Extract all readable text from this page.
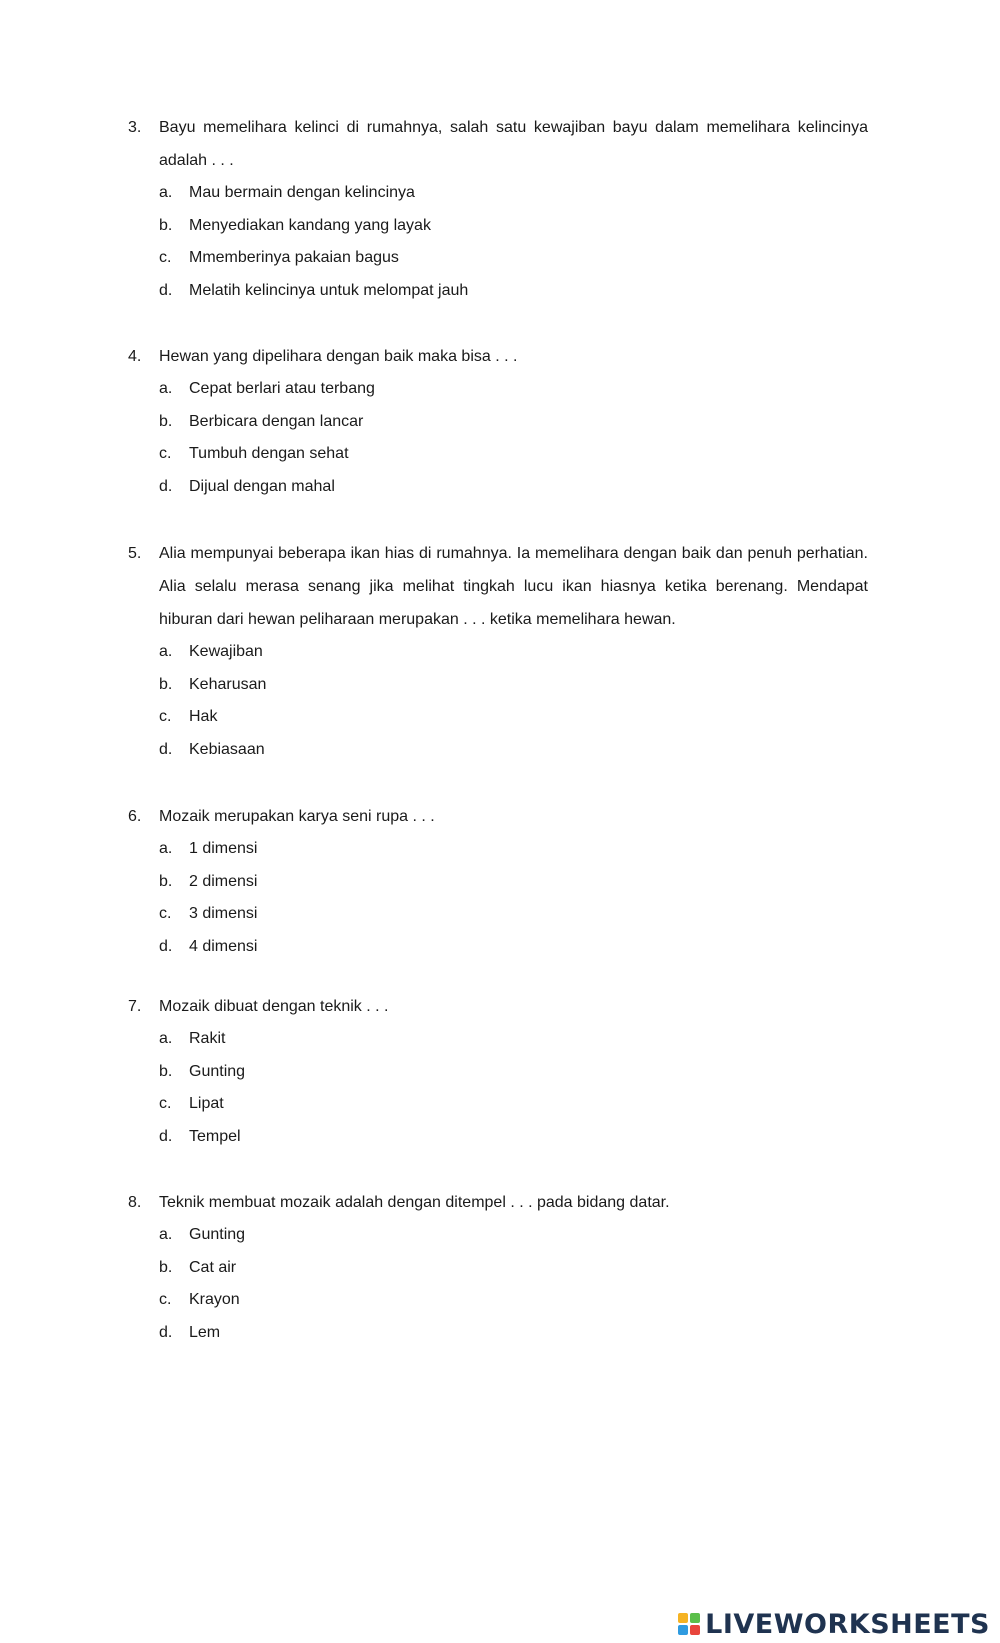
3. Bayu memelihara kelinci di rumahnya, salah satu kewajiban bayu dalam memelihara kelincinya adalah . . .
a. Mau bermain dengan kelincinya
b. Menyediakan kandang yang layak
c. Mmemberinya pakaian bagus
d. Melatih kelincinya untuk melompat jauh
4. Hewan yang dipelihara dengan baik maka bisa . . .
a. Cepat berlari atau terbang
b. Berbicara dengan lancar
c. Tumbuh dengan sehat
d. Dijual dengan mahal
5. Alia mempunyai beberapa ikan hias di rumahnya. Ia memelihara dengan baik dan penuh perhatian. Alia selalu merasa senang jika melihat tingkah lucu ikan hiasnya ketika berenang. Mendapat hiburan dari hewan peliharaan merupakan . . . ketika memelihara hewan.
a. Kewajiban
b. Keharusan
c. Hak
d. Kebiasaan
6. Mozaik merupakan karya seni rupa . . .
a. 1 dimensi
b. 2 dimensi
c. 3 dimensi
d. 4 dimensi
7. Mozaik dibuat dengan teknik . . .
a. Rakit
b. Gunting
c. Lipat
d. Tempel
8. Teknik membuat mozaik adalah dengan ditempel . . . pada bidang datar.
a. Gunting
b. Cat air
c. Krayon
d. Lem
LIVEWORKSHEETS
